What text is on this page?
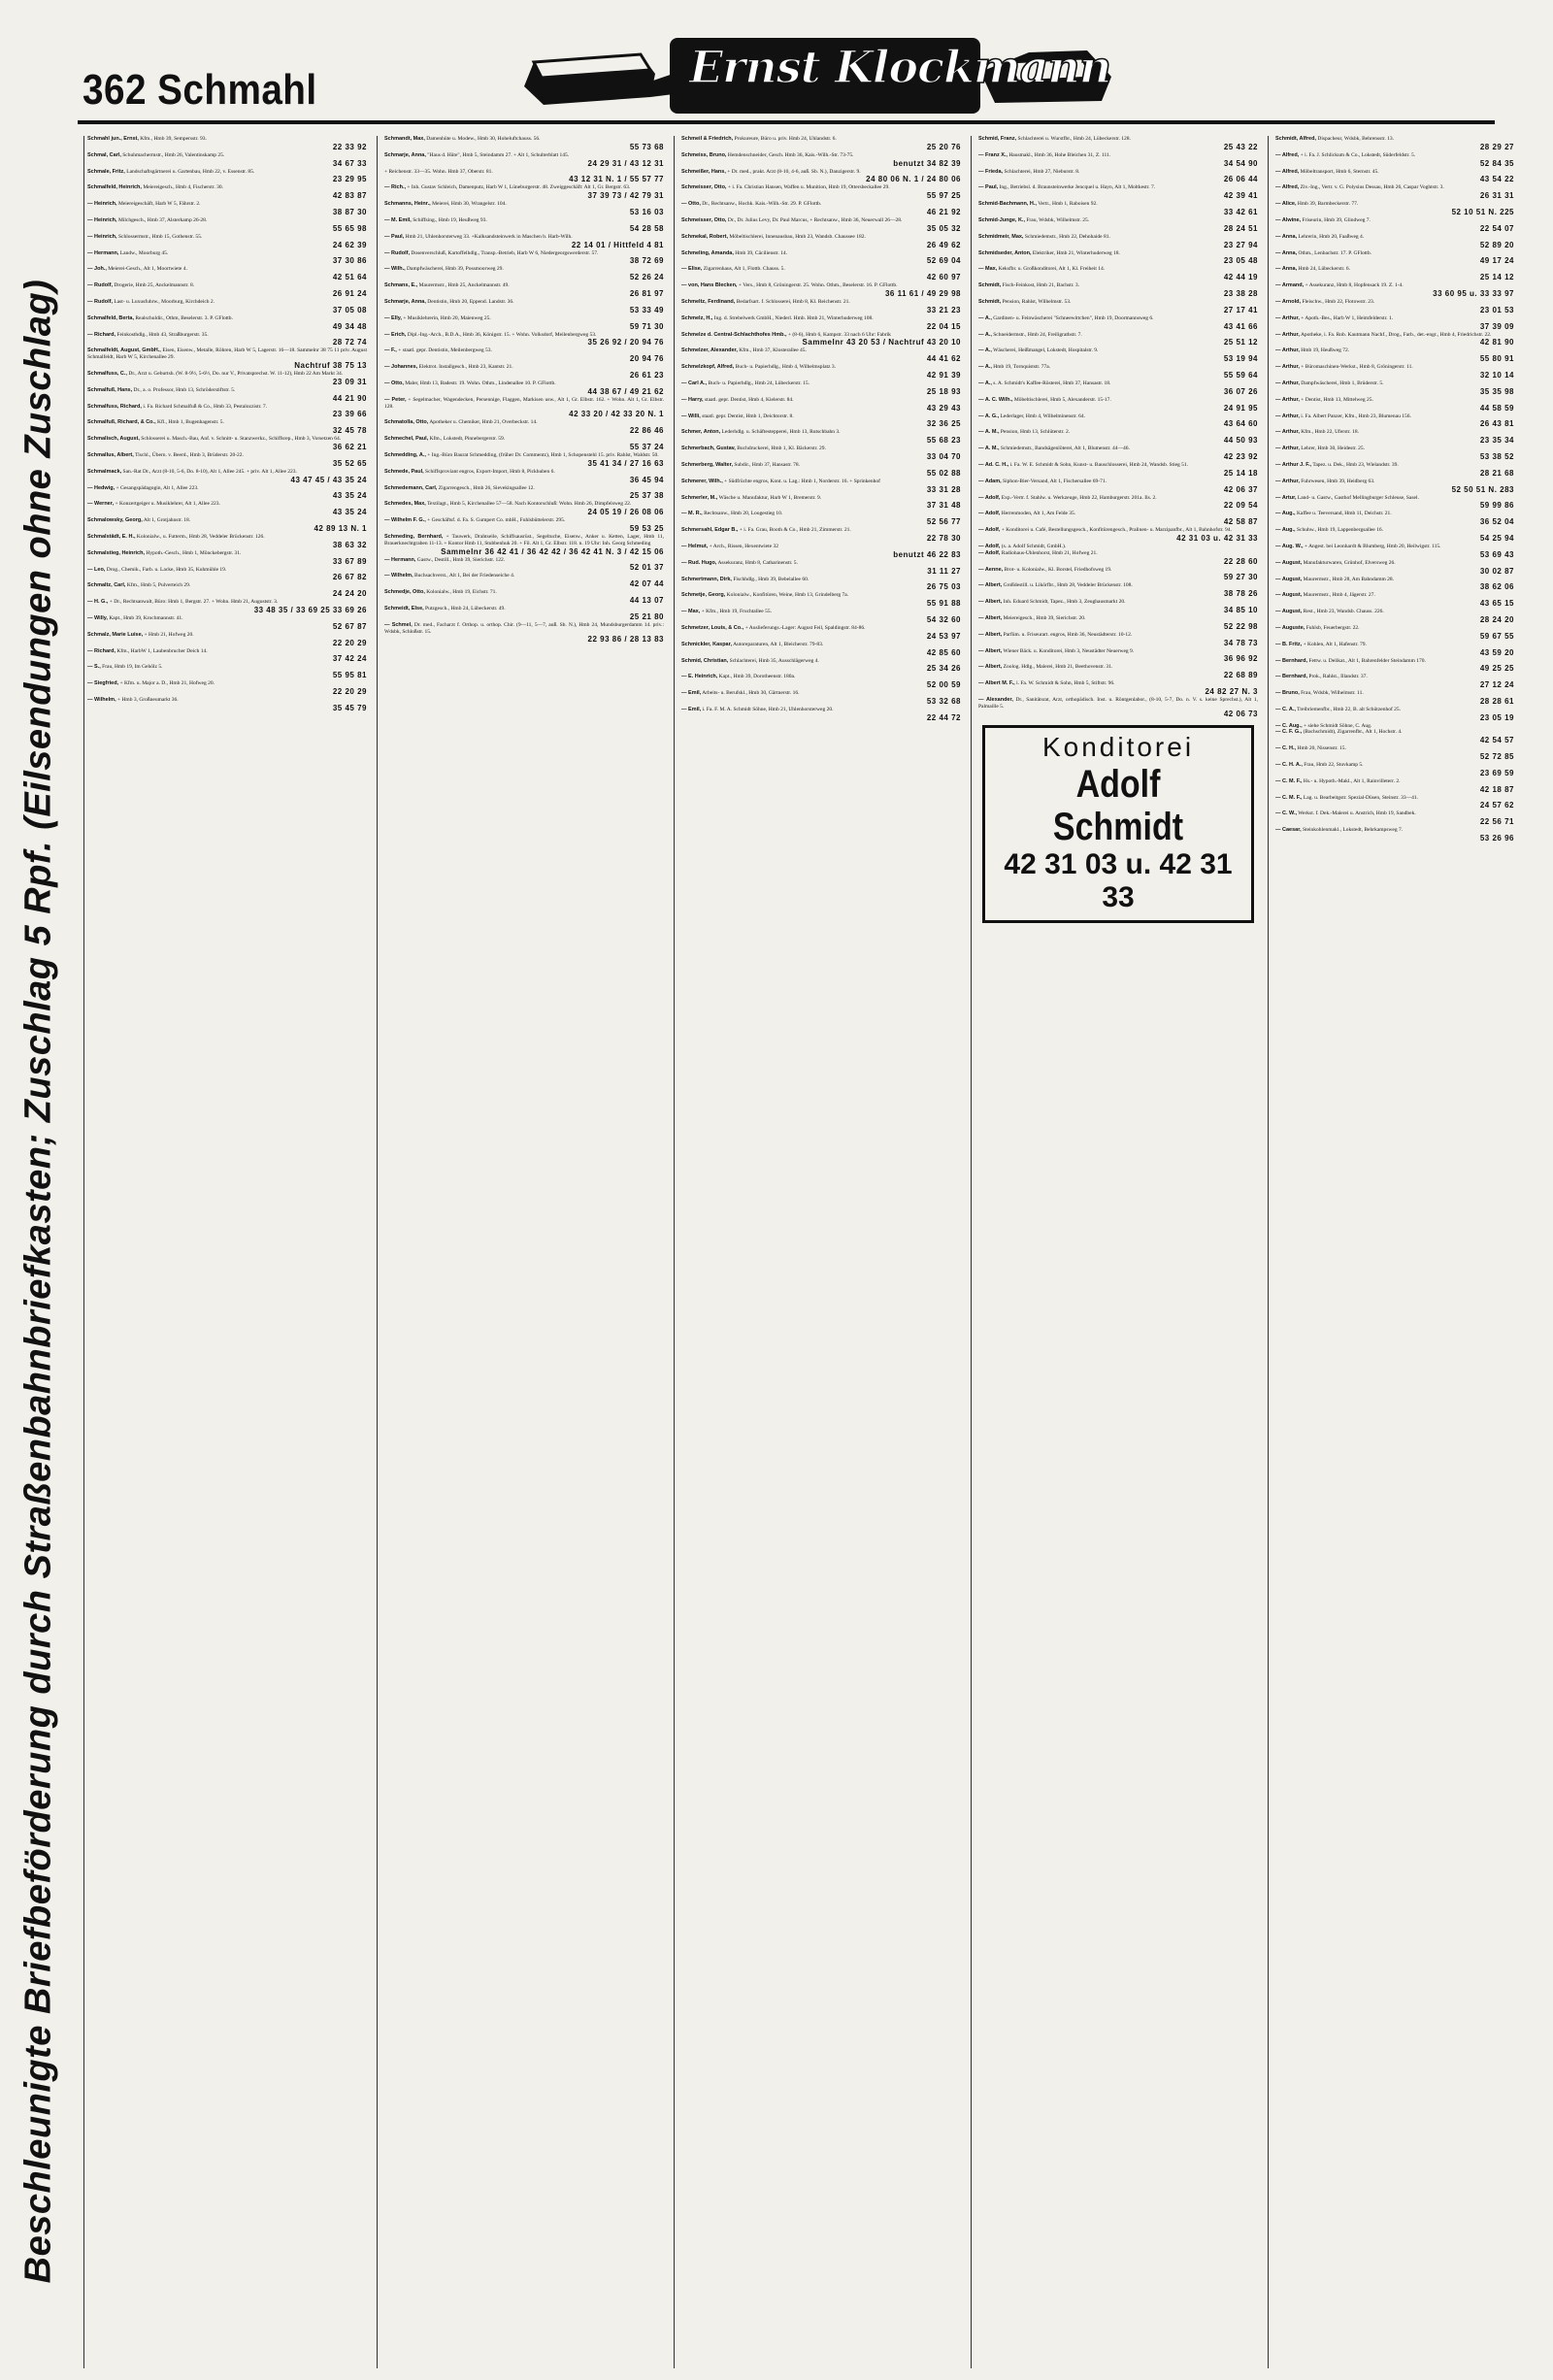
362 Schmahl	Ernst Klockmann
Beschleunigte Briefbeförderung durch Straßenbahnbriefkasten; Zuschlag 5 Rpf. (Eilsendungen ohne Zuschlag)
Schmahl jun., Ernst, Kfm., Hmb 39, Sempersstr. 93.
22 33 92
Schmal, Carl, Schuhmachermstr., Hmb 26, Valentinskamp 25.
34 67 33
Schmale, Fritz, Landschaftsgärtnerei u. Gartenbau, Hmb 22, v. Essenstr. 85.
23 29 95
Schmalfeld, Heinrich, Meiereigesch., Hmb 4, Fischerstr. 30.
42 83 87
— Heinrich, Meiereigeschäft, Harb W 5, Fährstr. 2.
38 87 30
— Heinrich, Milchgesch., Hmb 37, Alsterkamp 26-28.
55 65 98
— Heinrich, Schlossermstr., Hmb 15, Gothenstr. 55.
24 62 39
— Hermann, Landw., Moorburg 45.
37 30 86
— Joh., Meierei-Gesch., Alt 1, Moortwiete 4.
42 51 64
— Rudolf, Drogerie, Hmb 25, Anckelmannstr. 8.
26 91 24
— Rudolf, Last- u. Luxusfuhrw., Moorburg, Kirchdeich 2.
37 05 08
Schmalfeld, Berta, Realschuldir., Othm, Beselerstr. 3. P. GFlottb.
49 34 48
— Richard, Feinkosthdlg., Hmb 43, Straßburgerstr. 35.
28 72 74
Schmalfeldt, August, GmbH., Eisen, Eisenw., Metalle, Röhren, Harb W 5, Lagerstr. 16—18. Sammelnr 38 75 11 priv. August Schmalfeldt, Harb W 5, Kirchenallee 29.
Nachtruf 38 75 13
Schmalfuss, C., Dr., Arzt u. Geburtsh. (W. 8-9½, 5-6½, Do. nur V., Privatsprechst. W. 11-12), Hmb 22 Am Markt 34.
23 09 31
Schmalfuß, Hans, Dr., a. o. Professor, Hmb 13, Schröderstiftstr. 5.
44 21 90
Schmalfuss, Richard, i. Fa. Richard Schmalfuß & Co., Hmb 33, Pestalozzistr. 7.
23 39 66
Schmalfuß, Richard, & Co., Kfl., Hmb 1, Bugenhagenstr. 5.
32 45 78
Schmalisch, August, Schlosserei u. Masch.-Bau, Anf. v. Schnitt- u. Stanzwerkz., Schiffsrep., Hmb 3, Vorsetzen 64.
36 62 21
Schmallus, Albert, Tischl., Übern. v. Beerd., Hmb 3, Brüderstr. 20-22.
35 52 65
Schmalmack, San.-Rat Dr., Arzt (8-10, 5-6, Do. 8-10), Alt 1, Allee 245. + priv. Alt 1, Allee 223.
43 47 45 / 43 35 24
— Hedwig, + Gesangspädagogin, Alt 1, Allee 223.
43 35 24
— Werner, + Konzertgeiger u. Musiklehrer, Alt 1, Allee 223.
43 35 24
Schmalowsky, Georg, Alt 1, Grotjahnstr. 18.
42 89 13 N. 1
Schmalstädt, E. H., Kolonialw., u. Futterm., Hmb 28, Veddeler Brückenstr. 126.
38 63 32
Schmalstieg, Heinrich, Hypoth.-Gesch., Hmb 1, Mönckebergstr. 31.
33 67 89
— Leo, Drog., Chemik., Farb. u. Lacke, Hmb 35, Kuhmühle 19.
26 67 82
Schmaltz, Carl, Kfm., Hmb 5, Pulverteich 29.
24 24 20
— H. G., + Dr., Rechtsanwalt, Büro: Hmb 1, Bergstr. 27. + Wohn. Hmb 21, Auguststr. 3.
33 48 35 / 33 69 25 33 69 26
— Willy, Kapt., Hmb 39, Krochmannstr. 41.
52 67 87
Schmalz, Marie Luise, + Hmb 21, Hofweg 20.
22 20 29
— Richard, Kfm., HarbW 1, Laubenbrucher Deich 14.
37 42 24
— S., Frau, Hmb 19, Im Gehölz 5.
55 95 81
— Siegfried, + Kfm. u. Major a. D., Hmb 21, Hofweg 20.
22 20 29
— Wilhelm, + Hmb 3, Großneumarkt 36.
35 45 79
Schmandt, Max, Damenhüte u. Modew., Hmb 30, Hoheluftchauss. 56.
55 73 68
Schmarje, Anna, "Haus d. Hüte", Hmb 5, Steindamm 27. + Alt 1, Schulterblatt 145.
24 29 31 / 43 12 31
+ Reichenstr. 33—35. Wohn. Hmb 37, Oberstr. 81.
43 12 31 N. 1 / 55 57 77
— Rich., + Inh. Gustav Schleich, Damenputz, Harb W 1, Lüneburgerstr. 48. Zweiggeschäft: Alt 1, Gr. Bergstr. 63.
37 39 73 / 42 79 31
Schmanns, Heinr., Meierei, Hmb 30, Wrangelstr. 104.
53 16 03
— M. Emil, Schiffsing., Hmb 19, Heußweg 93.
54 28 58
— Paul, Hmb 21, Uhlenhorsterweg 33. +Kalksandsteinwerk in Maschen b. Harb-Wilh.
22 14 01 / Hittfeld 4 81
— Rudolf, Dosenverschluß, Kartoffelhdlg., Transp.-Betrieb, Harb W 6, Niedergeorgswerderstr. 57.
38 72 69
— Wilh., Dampfwäscherei, Hmb 39, Possmoorweg 29.
52 26 24
Schmans, E., Maurermstr., Hmb 25, Anckelmannstr. 49.
26 81 97
Schmarje, Anna, Dentistin, Hmb 20, Eppend. Landstr. 36.
53 33 49
— Elly, + Musiklehrerin, Hmb 20, Maienweg 25.
59 71 30
— Erich, Dipl.-Ing.-Arch., B.D.A., Hmb 36, Königstr. 15. + Wohn. Volksdorf, Meilenbergweg 53.
35 26 92 / 20 94 76
— F., + staatl. gepr. Dentistin, Meilenbergweg 53.
20 94 76
— Johannes, Elektrot. Installgesch., Hmb 23, Kantstr. 21.
26 61 23
— Otto, Maler, Hmb 13, Badestr. 19. Wohn. Othm., Lindenallee 10. P. GFlottb.
44 38 67 / 49 21 62
— Peter, + Segelmacher, Wagendecken, Persennige, Flaggen, Markisen usw., Alt 1, Gr. Elbstr. 162. + Wohn. Alt 1, Gr. Elbstr. 128.
42 33 20 / 42 33 20 N. 1
Schmatolla, Otto, Apotheker u. Chemiker, Hmb 21, Overbeckstr. 14.
22 86 46
Schmechel, Paul, Kfm., Lokstedt, Pinnebergerstr. 59.
55 37 24
Schmedding, A., + Ing.-Büro Baurat Schmedding, (früher Dr. Commentz), Hmb 1, Schopenstehl 15. priv. Rahlst, Waldstr. 50.
35 41 34 / 27 16 63
Schmede, Paul, Schiffsproviant engros, Export-Import, Hmb 8, Pickhuben 6.
36 45 94
Schmedemann, Carl, Zigarrengesch., Hmb 26, Sievekingsallee 12.
25 37 38
Schmedes, Max, Textilagt., Hmb 5, Kirchenallee 57—58. Nach Kontorschluß: Wohn. Hmb 26, Dimpfelsweg 22.
24 05 19 / 26 08 06
— Wilhelm F. G., + Geschäftsf. d. Fa. S. Gumpert Co. mbH., Fuhlsbüttelerstr. 295.
59 53 25
Schmeding, Bernhard, + Tauwerk, Drahtseile, Schiffsausrüst., Segeltuche, Eisenw., Anker u. Ketten, Lager, Hmb 11, Brauerknechtgraben 11-13. + Kontor Hmb 11, Stubbenhuk 20. + Fil. Alt 1, Gr. Elbstr. 118. n. 19 Uhr: Inh. Georg Schmeding
Sammelnr 36 42 41 / 36 42 42 / 36 42 41 N. 3 / 42 15 06
— Hermann, Gastw., Destill., Hmb 39, Sierichstr. 122.
52 01 37
— Wilhelm, Buchsachverst., Alt 1, Bei der Friedenseiche 4.
42 07 44
Schmedje, Otto, Kolonialw., Hmb 19, Eichstr. 71.
44 13 07
Schmeidt, Else, Putzgesch., Hmb 24, Lübeckerstr. 49.
25 21 80
— Schmel, Dr. med., Facharzt f. Orthop. u. orthop. Chir. (9—11, 5—7, auß. Sb. N.), Hmb 24, Mundsburgerdamm 14. priv.: Wdsbk, Schloßstr. 15.
22 93 86 / 28 13 83
Schmeil & Friedrich, Prokureure, Büro u. priv. Hmb 24, Uhlandstr. 6.
25 20 76
Schmeiss, Bruno, Hemdenschneider, Gesch. Hmb 36, Kais.-Wilh.-Str. 73-75.
benutzt 34 82 39
Schmeißer, Hans, + Dr. med., prakt. Arzt (8-10, 4-6, auß. Sb. N.), Danzigerstr. 9.
24 80 06 N. 1 / 24 80 06
Schmeisser, Otto, + i. Fa. Christian Hansen, Waffen u. Munition, Hmb 19, Ottersbeckallee 29.
55 97 25
— Otto, Dr., Rechtsanw., Hochk. Kais.-Wilh.-Str. 29. P. GFlottb.
46 21 92
Schmeisser, Otto, Dr., Dr. Julius Levy, Dr. Paul Marcus, + Rechtsanw., Hmb 36, Neuerwall 26—28.
35 05 32
Schmekal, Robert, Möbeltischlerei, Innenausbau, Hmb 23, Wandsb. Chaussee 182.
26 49 62
Schmeling, Amanda, Hmb 39, Cäcilienstr. 14.
52 69 04
— Elise, Zigarrenhaus, Alt 1, Flottb. Chauss. 5.
42 60 97
— von, Hans Blecken, + Vers., Hmb 8, Gröningerstr. 25. Wohn. Othm., Beselerstr. 16. P. GFlottb.
36 11 61 / 49 29 98
Schmeltz, Ferdinand, Bedarfsart. f. Schlosserei, Hmb 8, Kl. Reichenstr. 21.
33 21 23
Schmelz, H., Ing. d. Strebelwerk GmbH., Niederl. Hmb. Hmb 21, Winterhuderweg 108.
22 04 15
Schmelze d. Central-Schlachthofes Hmb., + (8-6), Hmb 6, Kampstr. 33 nach 6 Uhr: Fabrik
Sammelnr 43 20 53 / Nachtruf 43 20 10
Schmelzer, Alexander, Kfm., Hmb 37, Klosterallee 45.
44 41 62
Schmelzkopf, Alfred, Buch- u. Papierhdlg., Hmb 4, Wilhelmsplatz 3.
42 91 39
— Carl A., Buch- u. Papierhdlg., Hmb 24, Lübeckerstr. 15.
25 18 93
— Harry, staatl. gepr. Dentist, Hmb 4, Kielerstr. 84.
43 29 43
— Willi, staatl. gepr. Dentist, Hmb 1, Deichtorstr. 8.
32 36 25
Schmer, Anton, Lederhdlg. u. Schäftestepperei, Hmb 13, Rutschbahn 3.
55 68 23
Schmerbach, Gustav, Buchdruckerei, Hmb 1, Kl. Bäckerstr. 29.
33 04 70
Schmerberg, Walter, Subdir., Hmb 37, Hansastr. 78.
55 02 88
Schmerer, Wilh., + Südfrüchte engros, Kont. u. Lag.: Hmb 1, Norderstr. 16. + Sprinkenhof
33 31 28
Schmerler, M., Wäsche u. Manufaktur, Harb W 1, Bremerstr. 9.
37 31 48
— M. R., Rechtsanw., Hmb 20, Loogestieg 10.
52 56 77
Schmersahl, Edgar B., + i. Fa. Grau, Booth & Co., Hmb 21, Zimmerstr. 21.
22 78 30
— Helmut, + Arch., Rissen, Hexentwiete 32
benutzt 46 22 83
— Rud. Hugo, Assekuranz, Hmb 8, Catharinenstr. 5.
31 11 27
Schmertmann, Dirk, Fischhdlg., Hmb 39, Bebelallee 60.
26 75 03
Schmetje, Georg, Kolonialw., Konfitüren, Weine, Hmb 13, Grindelberg 7a.
55 91 88
— Max, + Kfm., Hmb 19, Fruchtallee 55.
54 32 60
Schmetzer, Louis, & Co., + Auslieferungs.-Lager: August Feil, Spaldingstr. 84-86.
24 53 97
Schmickler, Kaspar, Autoreparaturen, Alt 1, Bleicherstr. 79-83.
42 85 60
Schmid, Christian, Schlachterei, Hmb 35, Ausschlägerweg 4.
25 34 26
— E. Heinrich, Kapt., Hmb 39, Dorotheenstr. 180a.
52 00 59
— Emil, Arbeits- u. Berufskl., Hmb 30, Gärtnerstr. 16.
53 32 68
— Emil, i. Fa. F. M. A. Schmidt Söhne, Hmb 21, Uhlenhorsterweg 20.
22 44 72
Schmid, Franz, Schlachterei u. Wurstfbr., Hmb 24, Lübeckerstr. 128.
25 43 22
— Franz X., Hausmakl., Hmb 36, Hohe Bleichen 31, Z. 111.
34 54 90
— Frieda, Schlachterei, Hmb 27, Nieburstr. 8.
26 06 44
— Paul, Ing., Betriebsl. d. Braunsteinwerke Jencquel u. Hayn, Alt 1, Moltkestr. 7.
42 39 41
Schmid-Bachmann, H., Vertr., Hmb 1, Raboisen 92.
33 42 61
Schmid-Junge, K., Frau, Wdsbk, Wilhelmstr. 25.
28 24 51
Schmidmeir, Max, Schmiedemstr., Hmb 22, Dehnhaide 81.
23 27 94
Schmidseder, Anton, Elektriker, Hmb 21, Winterhuderweg 18.
23 05 48
— Max, Keksfbr. u. Großkonditorei, Alt 1, Kl. Freiheit 14.
42 44 19
Schmidt, Fisch-Feinkost, Hmb 21, Bachstr. 3.
23 38 28
Schmidt, Pension, Rahlst, Wilhelmstr. 53.
27 17 41
— A., Gardinen- u. Feinwäscherei "Schneewittchen", Hmb 19, Doormannsweg 6.
43 41 66
— A., Schneidermstr., Hmb 24, Freiligrathstr. 7.
25 51 12
— A., Wäscherei, Heißmangel, Lokstedt, Hospitalstr. 9.
53 19 94
— A., Hmb 19, Tornquiststr. 77a.
55 59 64
— A., s. A. Schmidt's Kaffee-Rösterei, Hmb 37, Hansastr. 18.
36 07 26
— A. C. Wilh., Möbeltischlerei, Hmb 5, Alexanderstr. 15-17.
24 91 95
— A. G., Lederlager, Hmb 4, Wilhelminenstr. 64.
43 64 60
— A. M., Pension, Hmb 13, Schlüterstr. 2.
44 50 93
— A. M., Schmiedemstr., Bandsägenlöterei, Alt 1, Blumenstr. 44—46.
42 23 92
— Ad. C. H., i. Fa. W. E. Schmidt & Sohn, Kunst- u. Bauschlosserei, Hmb 24, Wandsb. Stieg 51.
25 14 18
— Adam, Siphon-Bier-Versand, Alt 1, Fischersallee 69-71.
42 06 37
— Adolf, Exp.-Vertr. f. Stahlw. u. Werkzeuge, Hmb 22, Hamburgerstr. 201a. Ils. 2.
22 09 54
— Adolf, Herrenmoden, Alt 1, Am Felde 35.
42 58 87
— Adolf, + Konditorei u. Café, Bestellungsgesch., Konfitürengesch., Pralinen- u. Marzipanfbr., Alt 1, Bahnhofstr. 94.
42 31 03 u. 42 31 33
— Adolf, (s. a. Adolf Schmidt, GmbH.).
— Adolf, Radiohaus-Uhlenhorst, Hmb 21, Hofweg 21.
22 28 60
— Aenne, Brot- u. Kolonialw., Kl. Borstel, Friedhofsweg 19.
59 27 30
— Albert, Großdestill. u. Likörfbr., Hmb 28, Veddeler Brückenstr. 108.
38 78 26
— Albert, Inh. Eduard Schmidt, Tapez., Hmb 3, Zeughausmarkt 20.
34 85 10
— Albert, Meiereigesch., Hmb 39, Sierichstr. 20.
52 22 98
— Albert, Parfüm. u. Friseurart. engros, Hmb 36, Neustädterstr. 10-12.
34 78 73
— Albert, Wiener Bäck. u. Konditorei, Hmb 3, Neustädter Neuerweg 9.
36 96 92
— Albert, Zoolog. Hdlg., Malerei, Hmb 21, Beethovenstr. 31.
22 68 89
— Albert M. F., i. Fa. W. Schmidt & Sohn, Hmb 5, Stiftstr. 96.
24 82 27 N. 3
— Alexander, Dr., Sanitätsrat, Arzt, orthopädisch. Inst. u. Röntgenlabor., (8-10, 5-7, Do. n. V. s. keine Sprechst.), Alt 1, Palmaille 5.
42 06 73
Konditorei
Adolf Schmidt
42 31 03 u. 42 31 33
Schmidt, Alfred, Dispacheur, Wdsbk, Behrensstr. 13.
28 29 27
— Alfred, + i. Fa. J. Schlickum & Co., Lokstedt, Süderfeldstr. 5.
52 84 35
— Alfred, Möbeltransport, Hmb 6, Sternstr. 45.
43 54 22
— Alfred, Ziv.-Ing., Vertr. v. G. Polysius Dessau, Hmb 26, Caspar Voghtstr. 3.
26 31 31
— Alice, Hmb 39, Barmbeckerstr. 77.
52 10 51 N. 225
— Alwine, Friseurin, Hmb 39, Glindweg 7.
22 54 07
— Anna, Lehrerin, Hmb 20, Faaßweg 4.
52 89 20
— Anna, Othm., Lenbachstr. 17. P. GFlottb.
49 17 24
— Anna, Hmb 24, Lübeckerstr. 6.
25 14 12
— Armand, + Assekuranz, Hmb 8, Hopfensack 19. Z. 1-4.
33 60 95 u. 33 33 97
— Arnold, Fleischw., Hmb 22, Flotowstr. 23.
23 01 53
— Arthur, + Apoth.-Bes., Harb W 1, Heimfelderstr. 1.
37 39 09
— Arthur, Apotheke, i. Fa. Rob. Kautmann Nachf., Drog., Farb., det.-engr., Hmb 4, Friedrichstr. 22.
42 81 90
— Arthur, Hmb 19, Heußweg 72.
55 80 91
— Arthur, + Büromaschinen-Werkst., Hmb 8, Gröningerstr. 11.
32 10 14
— Arthur, Dampfwäscherei, Hmb 1, Brüderstr. 5.
35 35 98
— Arthur, + Dentist, Hmb 13, Mittelweg 25.
44 58 59
— Arthur, i. Fa. Albert Panzer, Kfm., Hmb 23, Blumenau 156.
26 43 81
— Arthur, Kfm., Hmb 22, Uferstr. 18.
23 35 34
— Arthur, Lehrer, Hmb 30, Heidestr. 25.
53 38 52
— Arthur J. F., Tapez. u. Dek., Hmb 23, Wielandstr. 39.
28 21 68
— Arthur, Fuhrwesen, Hmb 39, Heidberg 63.
52 50 51 N. 283
— Artur, Land- u. Gastw., Gasthof Mellingburger Schleuse, Sasel.
59 99 86
— Aug., Kaffee u. Teeversand, Hmb 11, Deichstr. 21.
36 52 04
— Aug., Schuhw., Hmb 19, Lappenbergsallee 16.
54 25 94
— Aug. W., + Angest. bei Leonhardt & Blumberg, Hmb 20, Heilwigstr. 115.
53 69 43
— August, Manufakturwaren, Grünhof, Elversweg 26.
30 02 87
— August, Maurermstr., Hmb 28, Am Bahndamm 28.
38 62 06
— August, Maurermstr., Hmb 4, Jägerstr. 27.
43 65 15
— August, Rest., Hmb 23, Wandsb. Chauss. 226.
28 24 20
— Auguste, Fuhlsb, Feuerbergstr. 22.
59 67 55
— B. Fritz, + Kohlen, Alt 1, Hafenstr. 79.
43 59 20
— Bernhard, Fettw. u. Delikat., Alt 1, Bahrenfelder Steindamm 170.
49 25 25
— Bernhard, Prok., Rahlst., Illandstr. 37.
27 12 24
— Bruno, Frau, Wdsbk, Wilhelmstr. 11.
28 28 61
— C. A., Treibriemenfbr., Hmb 22, B. alt Schützenhof 25.
23 05 19
— C. Aug., + siehe Schmidt Söhne, C. Aug.
— C. F. G., (Bachschmidt), Zigarrenfbr., Alt 1, Hochstr. 4.
42 54 57
— C. H., Hmb 20, Nissenstr. 15.
52 72 85
— C. H. A., Frau, Hmb 22, Stuvkamp 5.
23 69 59
— C. M. F., Hs.- u. Hypoth.-Makl., Alt 1, Rainvilleterr. 2.
42 18 87
— C. M. F., Lag. u. Bearbeitgstr. Spezial-Düsen, Steinstr. 33—41.
24 57 62
— C. W., Werkst. f. Dek.-Malerei u. Anstrich, Hmb 19, Sandbek.
22 56 71
— Caesar, Steinkohlenmakl., Lokstedt, Behrkampsweg 7.
53 26 96
